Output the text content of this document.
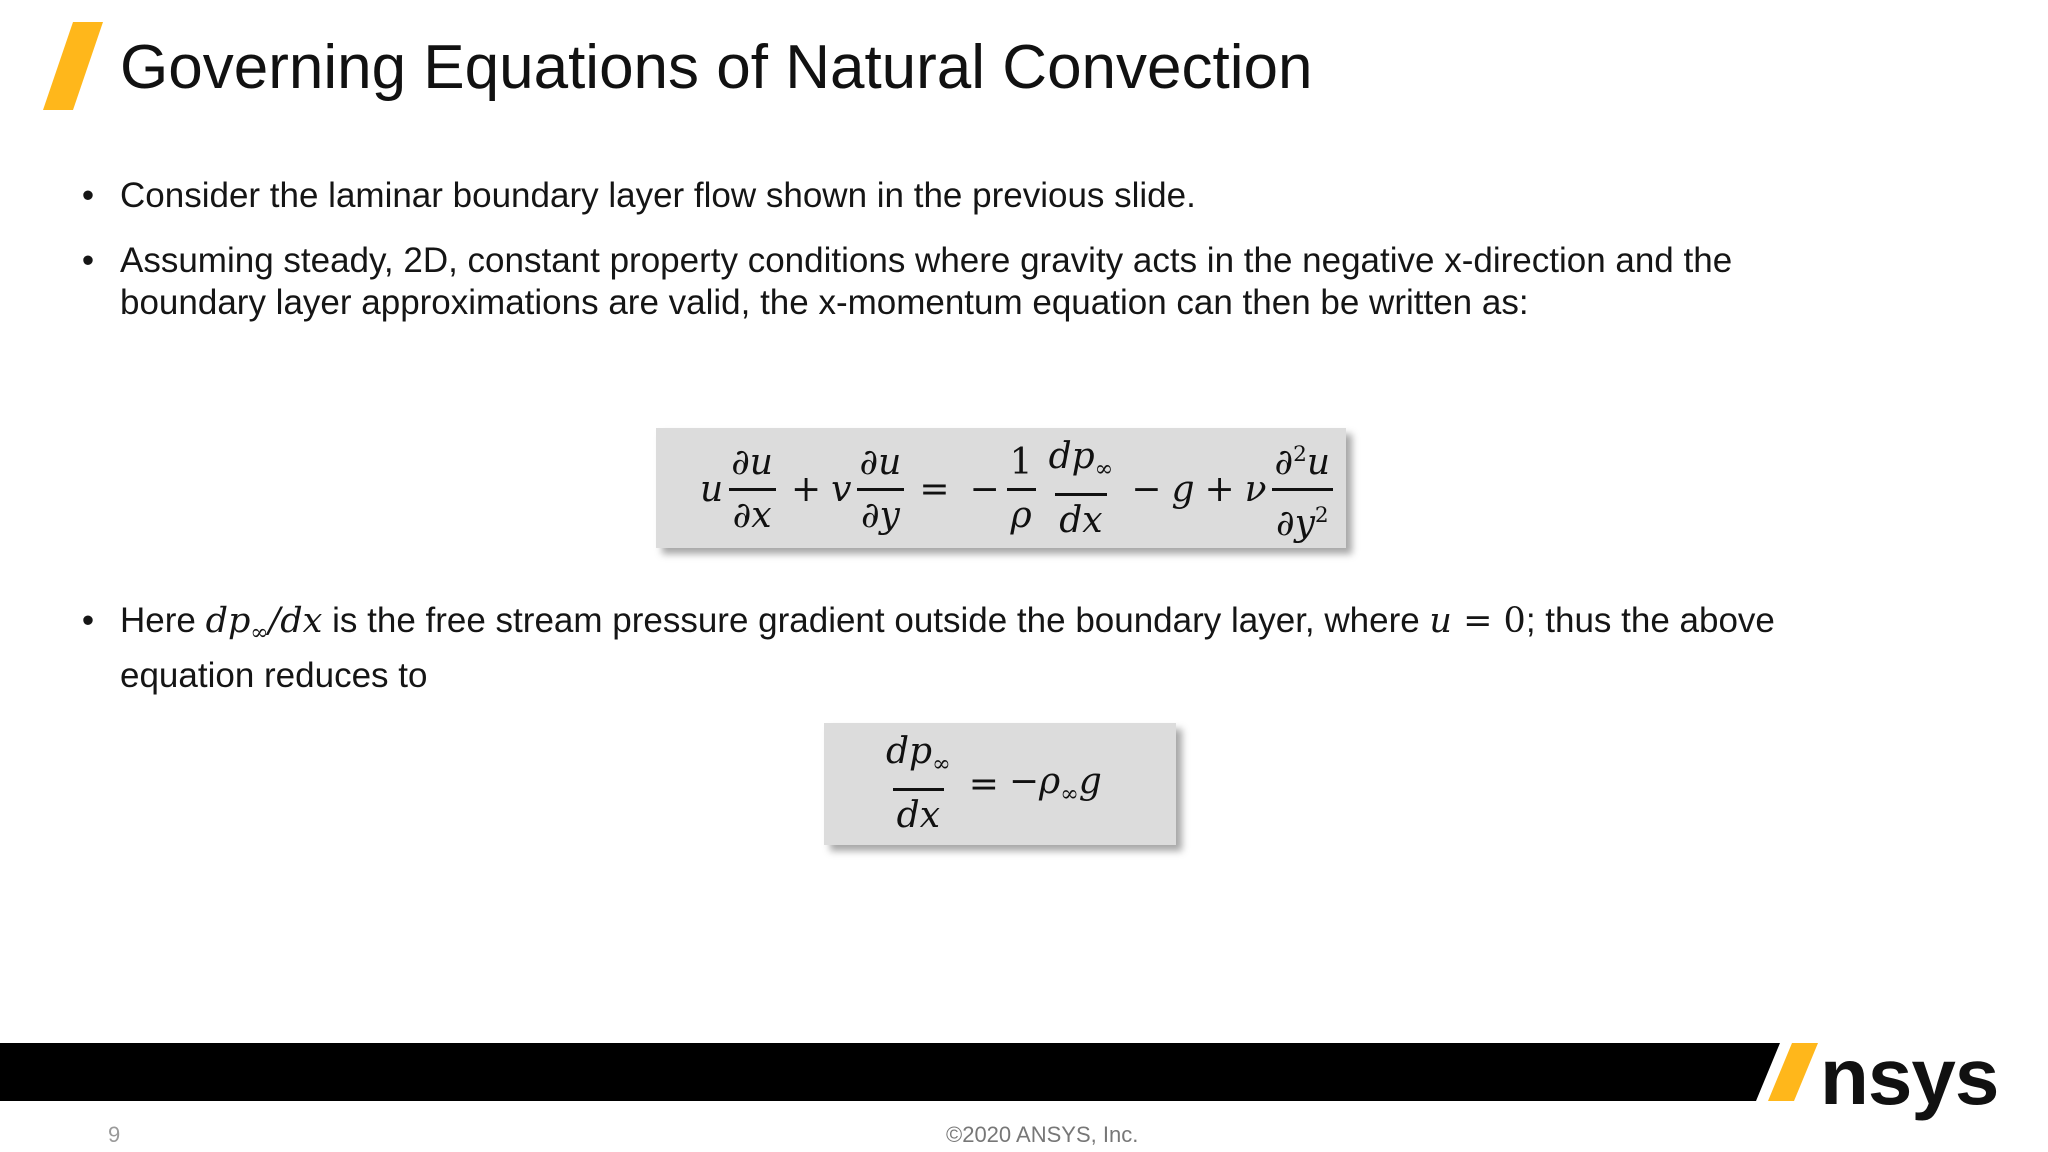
Governing Equations of Natural Convection
• Consider the laminar boundary layer flow shown in the previous slide.
• Assuming steady, 2D, constant property conditions where gravity acts in the negative x-direction and the
boundary layer approximations are valid, the x-momentum equation can then be written as:
u $\frac{\partial u}{\partial x} + v \frac{\partial u}{\partial y}$ = − $\frac{1}{\rho} \frac{dp_\infty}{dx} - g + \nu \frac{\partial^2u}{\partial y^2}$
• Here $dp_\infty/dx$ is the free stream pressure gradient outside the boundary layer, where u = 0; thus the above
equation reduces to
$\frac{dp_\infty}{dx} = -\rho_\infty g$
nsys
9	©2020 ANSYS, Inc.
